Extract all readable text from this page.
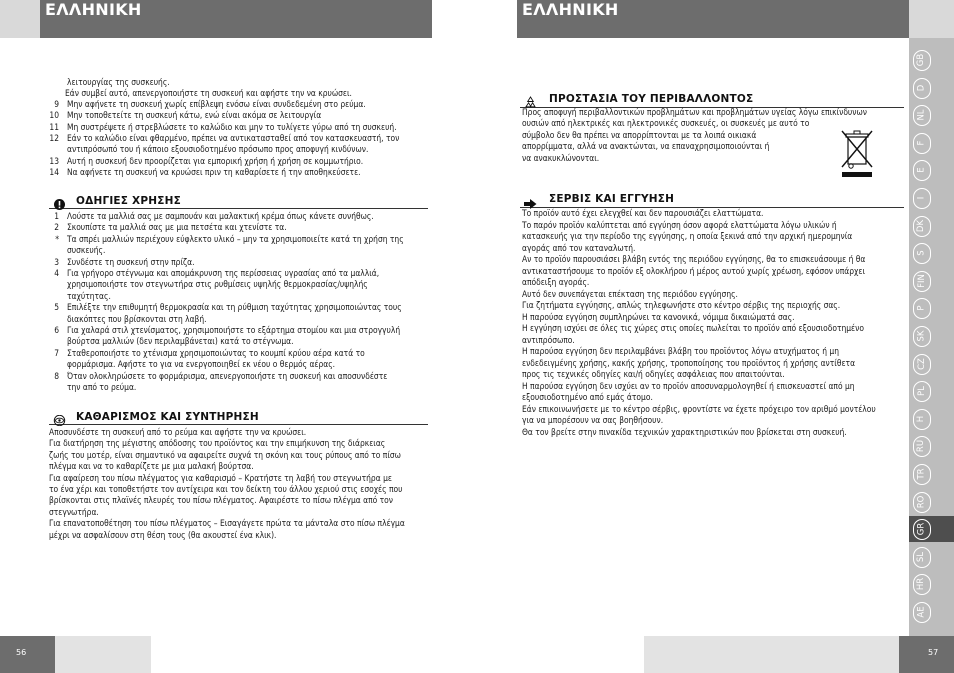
ΕΛΛΗΝΙΚΗ	ΕΛΛΗΝΙΚΗ
GB
D
NL
F
E
I
DK
S
FIN
P
SK
CZ
PL
H
RU
TR
RO
GR
SL
HR
AE
56	57
λειτουργίας της συσκευής.
Εάν συμβεί αυτό, απενεργοποιήστε τη συσκευή και αφήστε την να κρυώσει.
9 Μην αφήνετε τη συσκευή χωρίς επίβλεψη ενόσω είναι συνδεδεμένη στο ρεύμα.
10 Μην τοποθετείτε τη συσκευή κάτω, ενώ είναι ακόμα σε λειτουργία
11 Μη συστρέψετε ή στρεβλώσετε το καλώδιο και μην το τυλίγετε γύρω από τη συσκευή.
12 Εάν το καλώδιο είναι φθαρμένο, πρέπει να αντικατασταθεί από τον κατασκευαστή, τον
αντιπρόσωπό του ή κάποιο εξουσιοδοτημένο πρόσωπο προς αποφυγή κινδύνων.
13 Αυτή η συσκευή δεν προορίζεται για εμπορική χρήση ή χρήση σε κομμωτήριο.
14 Να αφήνετε τη συσκευή να κρυώσει πριν τη καθαρίσετε ή την αποθηκεύσετε.
ΟΔΗΓΙΕΣ ΧΡΗΣΗΣ
1 Λούστε τα μαλλιά σας με σαμπουάν και μαλακτική κρέμα όπως κάνετε συνήθως.
2 Σκουπίστε τα μαλλιά σας με μια πετσέτα και χτενίστε τα.
* Τα σπρέι μαλλιών περιέχουν εύφλεκτο υλικό – μην τα χρησιμοποιείτε κατά τη χρήση της
συσκευής.
3 Συνδέστε τη συσκευή στην πρίζα.
4 Για γρήγορο στέγνωμα και απομάκρυνση της περίσσειας υγρασίας από τα μαλλιά,
χρησιμοποιήστε τον στεγνωτήρα στις ρυθμίσεις υψηλής θερμοκρασίας/υψηλής
ταχύτητας.
5 Επιλέξτε την επιθυμητή θερμοκρασία και τη ρύθμιση ταχύτητας χρησιμοποιώντας τους
διακόπτες που βρίσκονται στη λαβή.
6 Για χαλαρά στιλ χτενίσματος, χρησιμοποιήστε το εξάρτημα στομίου και μια στρογγυλή
βούρτσα μαλλιών (δεν περιλαμβάνεται) κατά το στέγνωμα.
7 Σταθεροποιήστε το χτένισμα χρησιμοποιώντας το κουμπί κρύου αέρα κατά το
φορμάρισμα. Αφήστε το για να ενεργοποιηθεί εκ νέου ο θερμός αέρας.
8 Όταν ολοκληρώσετε το φορμάρισμα, απενεργοποιήστε τη συσκευή και αποσυνδέστε
την από το ρεύμα.
ΚΑΘΑΡΙΣΜΟΣ ΚΑΙ ΣΥΝΤΗΡΗΣΗ
Αποσυνδέστε τη συσκευή από το ρεύμα και αφήστε την να κρυώσει.
Για διατήρηση της μέγιστης απόδοσης του προϊόντος και την επιμήκυνση της διάρκειας
ζωής του μοτέρ, είναι σημαντικό να αφαιρείτε συχνά τη σκόνη και τους ρύπους από το πίσω
πλέγμα και να το καθαρίζετε με μια μαλακή βούρτσα.
Για αφαίρεση του πίσω πλέγματος για καθαρισμό – Κρατήστε τη λαβή του στεγνωτήρα με
το ένα χέρι και τοποθετήστε τον αντίχειρα και τον δείκτη του άλλου χεριού στις εσοχές που
βρίσκονται στις πλαϊνές πλευρές του πίσω πλέγματος. Αφαιρέστε το πίσω πλέγμα από τον
στεγνωτήρα.
Για επανατοποθέτηση του πίσω πλέγματος – Εισαγάγετε πρώτα τα μάνταλα στο πίσω πλέγμα
μέχρι να ασφαλίσουν στη θέση τους (θα ακουστεί ένα κλικ).
ΠΡΟΣΤΑΣΙΑ ΤΟΥ ΠΕΡΙΒΑΛΛΟΝΤΟΣ
Προς αποφυγή περιβαλλοντικών προβλημάτων και προβλημάτων υγείας λόγω επικίνδυνων
ουσιών από ηλεκτρικές και ηλεκτρονικές συσκευές, οι συσκευές με αυτό το
σύμβολο δεν θα πρέπει να απορρίπτονται με τα λοιπά οικιακά
απορρίμματα, αλλά να ανακτώνται, να επαναχρησιμοποιούνται ή
να ανακυκλώνονται.
ΣΕΡΒΙΣ ΚΑΙ ΕΓΓΥΗΣΗ
Το προϊόν αυτό έχει ελεγχθεί και δεν παρουσιάζει ελαττώματα.
Το παρόν προϊόν καλύπτεται από εγγύηση όσον αφορά ελαττώματα λόγω υλικών ή
κατασκευής για την περίοδο της εγγύησης, η οποία ξεκινά από την αρχική ημερομηνία
αγοράς από τον καταναλωτή.
Αν το προϊόν παρουσιάσει βλάβη εντός της περιόδου εγγύησης, θα το επισκευάσουμε ή θα
αντικαταστήσουμε το προϊόν εξ ολοκλήρου ή μέρος αυτού χωρίς χρέωση, εφόσον υπάρχει
απόδειξη αγοράς.
Αυτό δεν συνεπάγεται επέκταση της περιόδου εγγύησης.
Για ζητήματα εγγύησης, απλώς τηλεφωνήστε στο κέντρο σέρβις της περιοχής σας.
Η παρούσα εγγύηση συμπληρώνει τα κανονικά, νόμιμα δικαιώματά σας.
Η εγγύηση ισχύει σε όλες τις χώρες στις οποίες πωλείται το προϊόν από εξουσιοδοτημένο
αντιπρόσωπο.
Η παρούσα εγγύηση δεν περιλαμβάνει βλάβη του προϊόντος λόγω ατυχήματος ή μη
ενδεδειγμένης χρήσης, κακής χρήσης, τροποποίησης του προϊόντος ή χρήσης αντίθετα
προς τις τεχνικές οδηγίες και/ή οδηγίες ασφάλειας που απαιτούνται.
Η παρούσα εγγύηση δεν ισχύει αν το προϊόν αποσυναρμολογηθεί ή επισκευαστεί από μη
εξουσιοδοτημένο από εμάς άτομο.
Εάν επικοινωνήσετε με το κέντρο σέρβις, φροντίστε να έχετε πρόχειρο τον αριθμό μοντέλου
για να μπορέσουν να σας βοηθήσουν.
Θα τον βρείτε στην πινακίδα τεχνικών χαρακτηριστικών που βρίσκεται στη συσκευή.
